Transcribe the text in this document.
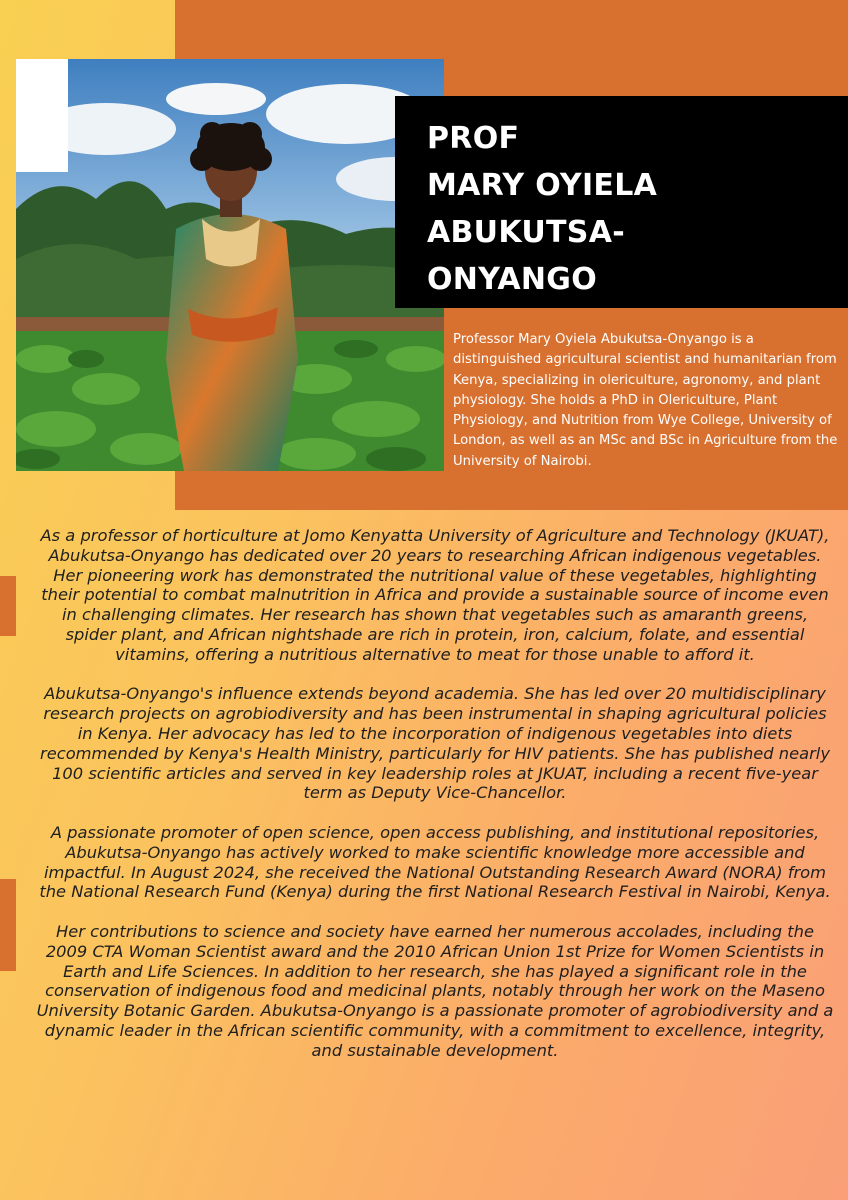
PROF
MARY OYIELA
ABUKUTSA-
ONYANGO
Professor Mary Oyiela Abukutsa-Onyango is a distinguished agricultural scientist and humanitarian from Kenya, specializing in olericulture, agronomy, and plant physiology. She holds a PhD in Olericulture, Plant Physiology, and Nutrition from Wye College, University of London, as well as an MSc and BSc in Agriculture from the University of Nairobi.

As a professor of horticulture at Jomo Kenyatta University of Agriculture and Technology (JKUAT), Abukutsa-Onyango has dedicated over 20 years to researching African indigenous vegetables. Her pioneering work has demonstrated the nutritional value of these vegetables, highlighting their potential to combat malnutrition in Africa and provide a sustainable source of income even in challenging climates. Her research has shown that vegetables such as amaranth greens, spider plant, and African nightshade are rich in protein, iron, calcium, folate, and essential vitamins, offering a nutritious alternative to meat for those unable to afford it.

Abukutsa-Onyango's influence extends beyond academia. She has led over 20 multidisciplinary research projects on agrobiodiversity and has been instrumental in shaping agricultural policies in Kenya. Her advocacy has led to the incorporation of indigenous vegetables into diets recommended by Kenya's Health Ministry, particularly for HIV patients. She has published nearly 100 scientific articles and served in key leadership roles at JKUAT, including a recent five-year term as Deputy Vice-Chancellor.

A passionate promoter of open science, open access publishing, and institutional repositories, Abukutsa-Onyango has actively worked to make scientific knowledge more accessible and impactful. In August 2024, she received the National Outstanding Research Award (NORA) from the National Research Fund (Kenya) during the first National Research Festival in Nairobi, Kenya.

Her contributions to science and society have earned her numerous accolades, including the 2009 CTA Woman Scientist award and the 2010 African Union 1st Prize for Women Scientists in Earth and Life Sciences. In addition to her research, she has played a significant role in the conservation of indigenous food and medicinal plants, notably through her work on the Maseno University Botanic Garden. Abukutsa-Onyango is a passionate promoter of agrobiodiversity and a dynamic leader in the African scientific community, with a commitment to excellence, integrity, and sustainable development.
